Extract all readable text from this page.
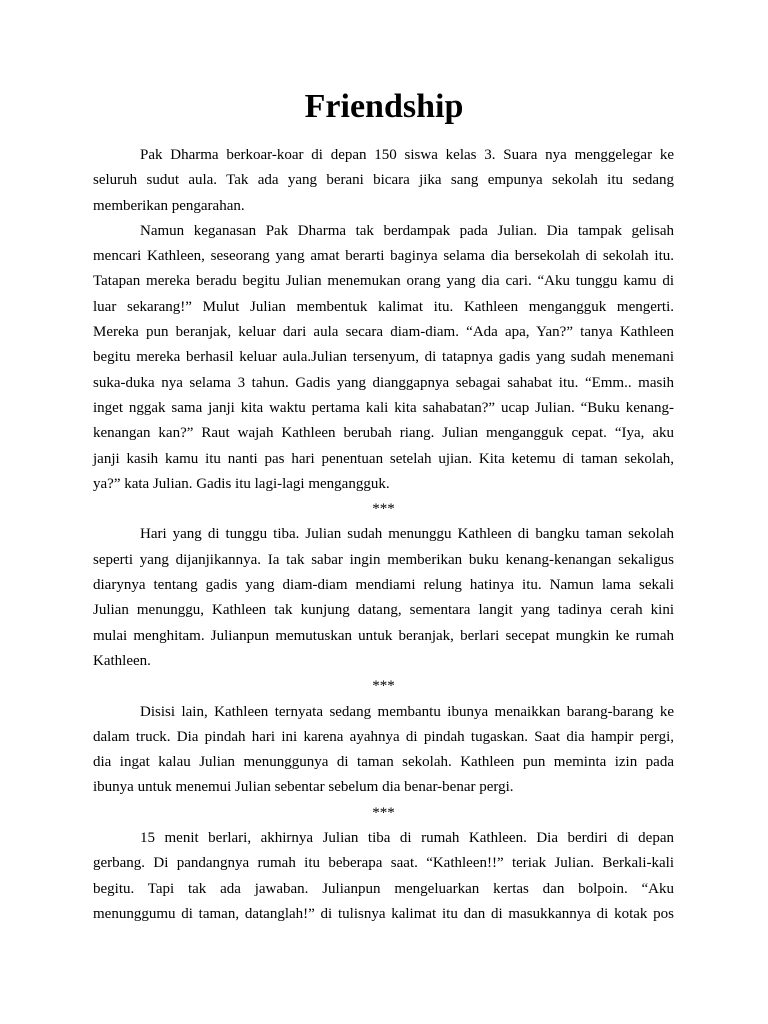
Friendship
Pak Dharma berkoar-koar di depan 150 siswa kelas 3. Suara nya menggelegar ke
seluruh sudut aula. Tak ada yang berani bicara jika sang empunya sekolah itu sedang
memberikan pengarahan.
Namun keganasan Pak Dharma tak berdampak pada Julian. Dia tampak gelisah
mencari Kathleen, seseorang yang amat berarti baginya selama dia bersekolah di sekolah itu.
Tatapan mereka beradu begitu Julian menemukan orang yang dia cari. “Aku tunggu kamu di
luar sekarang!” Mulut Julian membentuk kalimat itu. Kathleen mengangguk mengerti.
Mereka pun beranjak, keluar dari aula secara diam-diam. “Ada apa, Yan?” tanya Kathleen
begitu mereka berhasil keluar aula.Julian tersenyum, di tatapnya gadis yang sudah menemani
suka-duka nya selama 3 tahun. Gadis yang dianggapnya sebagai sahabat itu. “Emm.. masih
inget nggak sama janji kita waktu pertama kali kita sahabatan?” ucap Julian. “Buku kenang-
kenangan kan?” Raut wajah Kathleen berubah riang. Julian mengangguk cepat. “Iya, aku
janji kasih kamu itu nanti pas hari penentuan setelah ujian. Kita ketemu di taman sekolah,
ya?” kata Julian. Gadis itu lagi-lagi mengangguk.
***
Hari yang di tunggu tiba. Julian sudah menunggu Kathleen di bangku taman sekolah
seperti yang dijanjikannya. Ia tak sabar ingin memberikan buku kenang-kenangan sekaligus
diarynya tentang gadis yang diam-diam mendiami relung hatinya itu. Namun lama sekali
Julian menunggu, Kathleen tak kunjung datang, sementara langit yang tadinya cerah kini
mulai menghitam. Julianpun memutuskan untuk beranjak, berlari secepat mungkin ke rumah
Kathleen.
***
Disisi lain, Kathleen ternyata sedang membantu ibunya menaikkan barang-barang ke
dalam truck. Dia pindah hari ini karena ayahnya di pindah tugaskan. Saat dia hampir pergi,
dia ingat kalau Julian menunggunya di taman sekolah. Kathleen pun meminta izin pada
ibunya untuk menemui Julian sebentar sebelum dia benar-benar pergi.
***
15 menit berlari, akhirnya Julian tiba di rumah Kathleen. Dia berdiri di depan
gerbang. Di pandangnya rumah itu beberapa saat. “Kathleen!!” teriak Julian. Berkali-kali
begitu. Tapi tak ada jawaban. Julianpun mengeluarkan kertas dan bolpoin. “Aku
menunggumu di taman, datanglah!” di tulisnya kalimat itu dan di masukkannya di kotak pos
